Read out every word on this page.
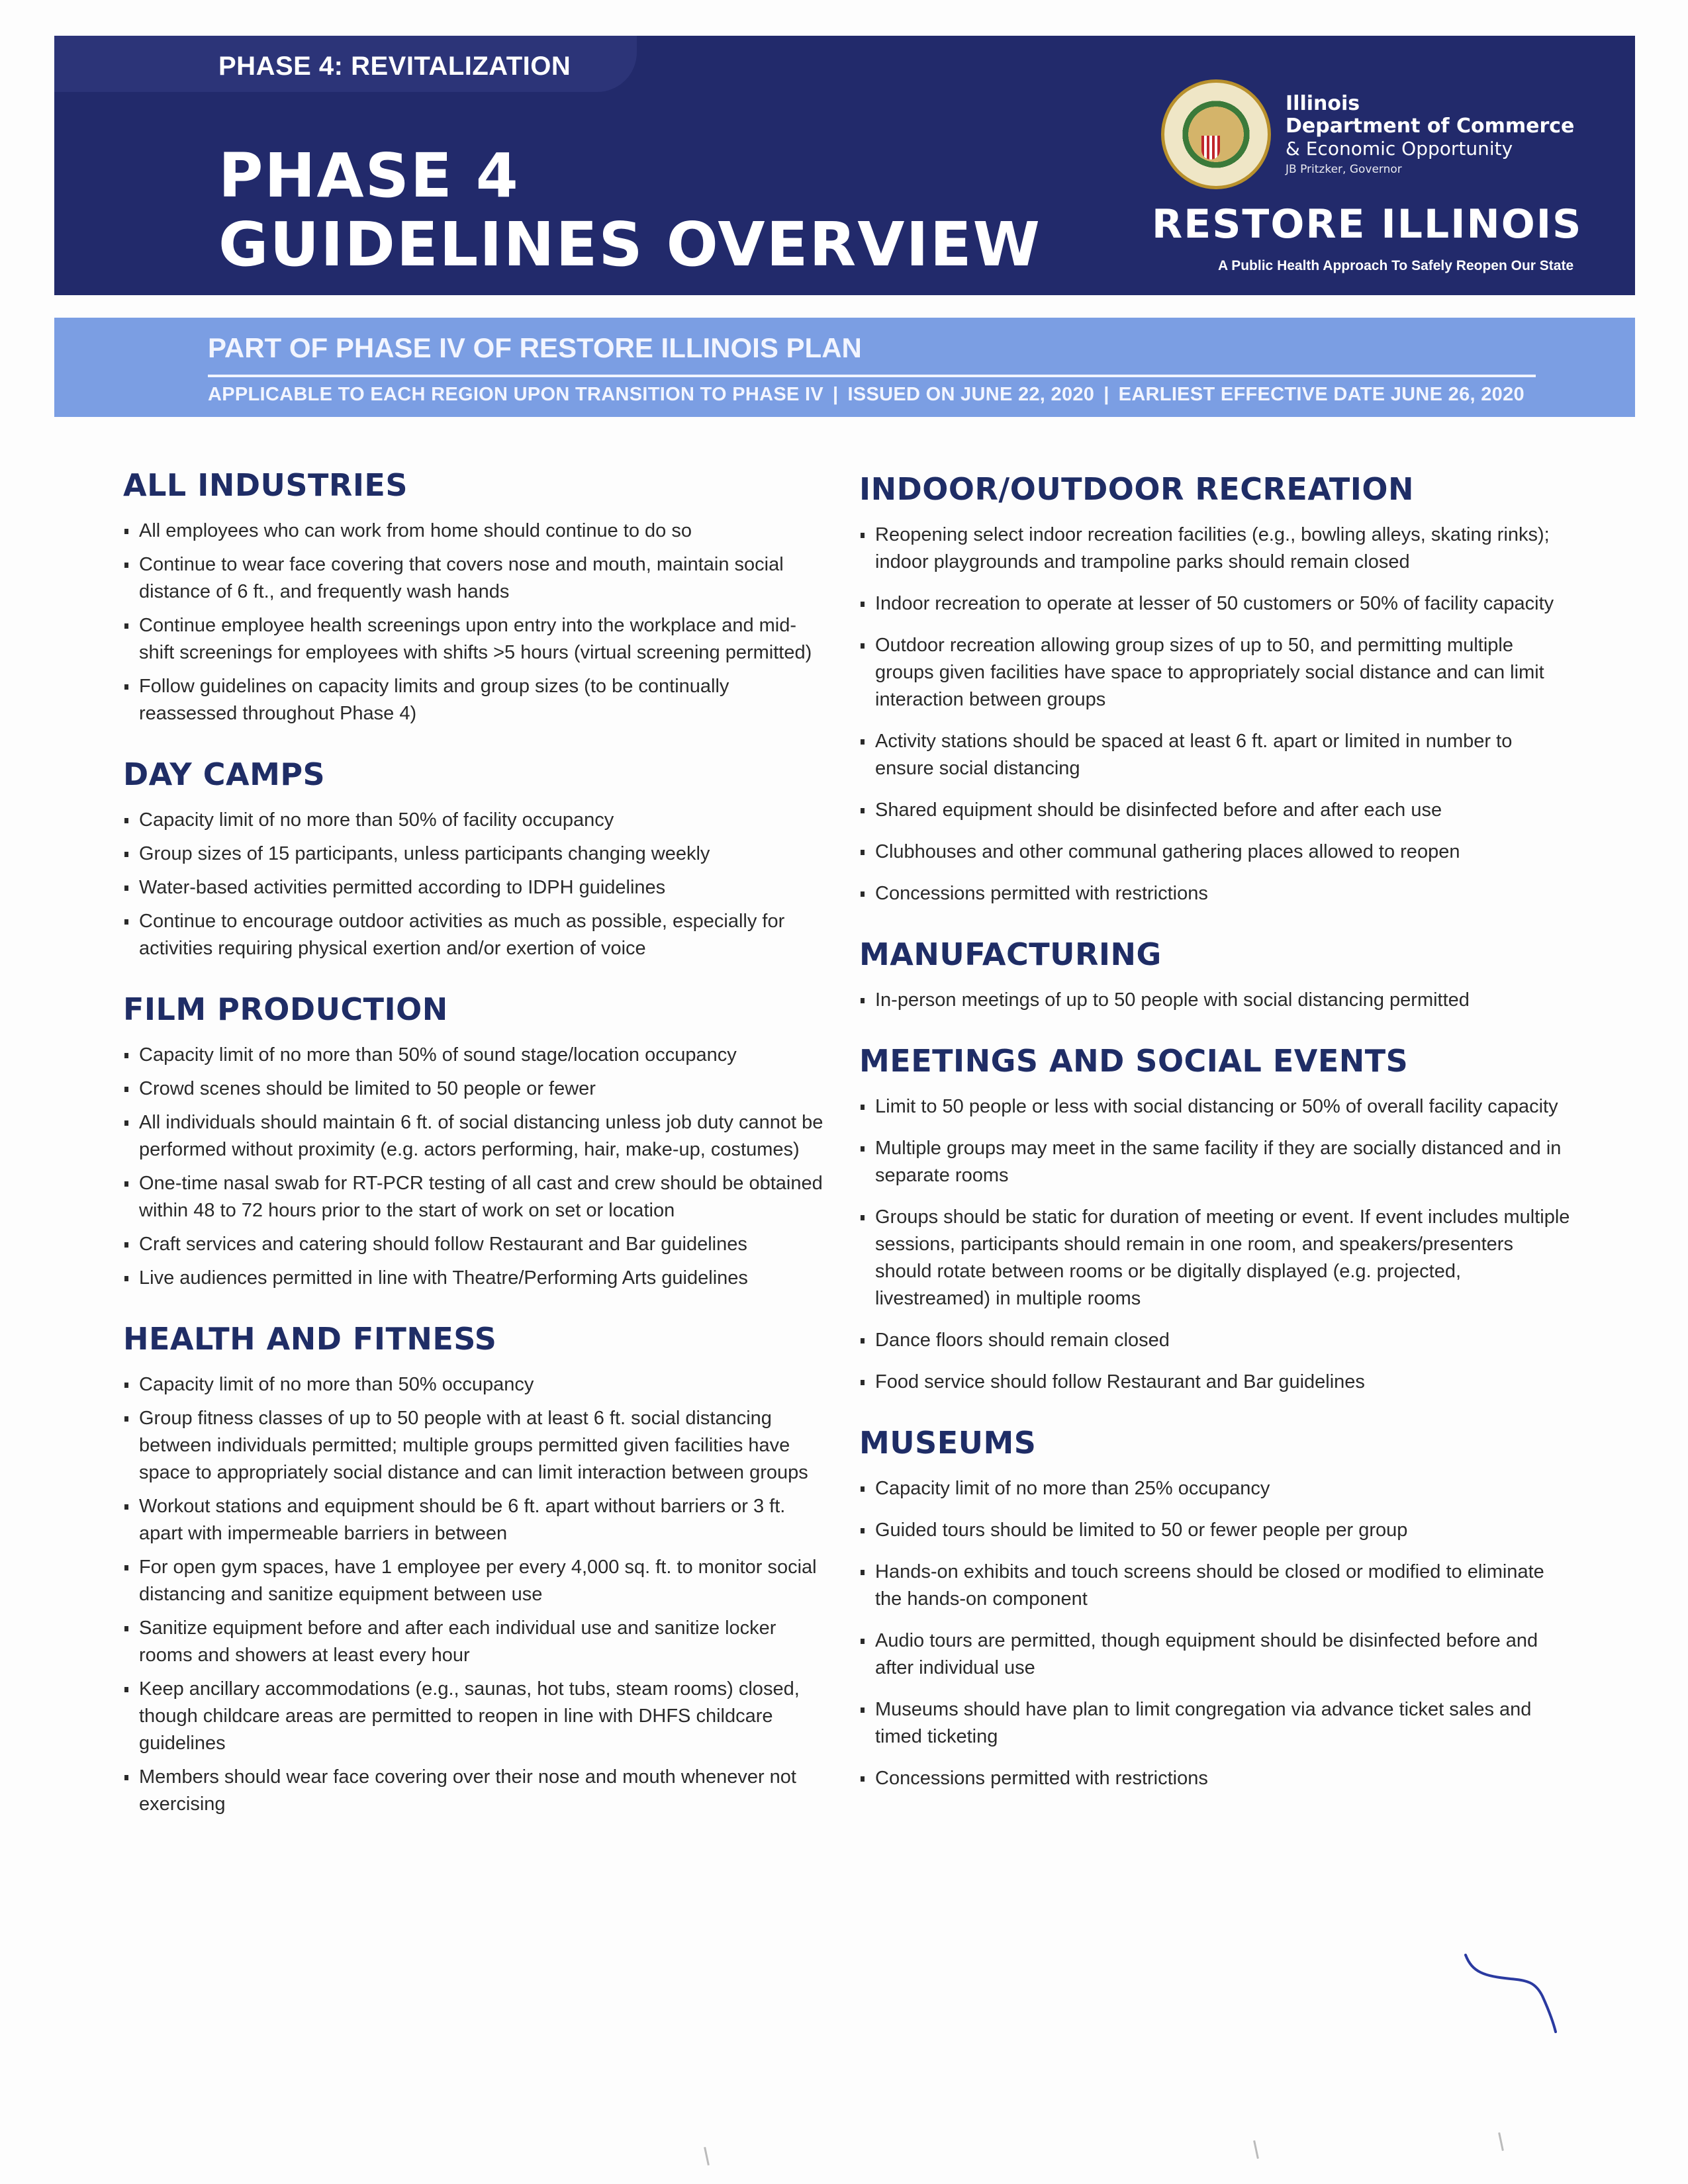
PHASE 4: REVITALIZATION
PHASE 4
GUIDELINES OVERVIEW
Illinois
Department of Commerce
& Economic Opportunity
JB Pritzker, Governor
RESTORE ILLINOIS
A Public Health Approach To Safely Reopen Our State
PART OF PHASE IV OF RESTORE ILLINOIS PLAN
APPLICABLE TO EACH REGION UPON TRANSITION TO PHASE IV | ISSUED ON JUNE 22, 2020 | EARLIEST EFFECTIVE DATE JUNE 26, 2020
ALL INDUSTRIES
All employees who can work from home should continue to do so
Continue to wear face covering that covers nose and mouth, maintain social distance of 6 ft., and frequently wash hands
Continue employee health screenings upon entry into the workplace and mid-shift screenings for employees with shifts >5 hours (virtual screening permitted)
Follow guidelines on capacity limits and group sizes (to be continually reassessed throughout Phase 4)
DAY CAMPS
Capacity limit of no more than 50% of facility occupancy
Group sizes of 15 participants, unless participants changing weekly
Water-based activities permitted according to IDPH guidelines
Continue to encourage outdoor activities as much as possible, especially for activities requiring physical exertion and/or exertion of voice
FILM PRODUCTION
Capacity limit of no more than 50% of sound stage/location occupancy
Crowd scenes should be limited to 50 people or fewer
All individuals should maintain 6 ft. of social distancing unless job duty cannot be performed without proximity (e.g. actors performing, hair, make-up, costumes)
One-time nasal swab for RT-PCR testing of all cast and crew should be obtained within 48 to 72 hours prior to the start of work on set or location
Craft services and catering should follow Restaurant and Bar guidelines
Live audiences permitted in line with Theatre/Performing Arts guidelines
HEALTH AND FITNESS
Capacity limit of no more than 50% occupancy
Group fitness classes of up to 50 people with at least 6 ft. social distancing between individuals permitted; multiple groups permitted given facilities have space to appropriately social distance and can limit interaction between groups
Workout stations and equipment should be 6 ft. apart without barriers or 3 ft. apart with impermeable barriers in between
For open gym spaces, have 1 employee per every 4,000 sq. ft. to monitor social distancing and sanitize equipment between use
Sanitize equipment before and after each individual use and sanitize locker rooms and showers at least every hour
Keep ancillary accommodations (e.g., saunas, hot tubs, steam rooms) closed, though childcare areas are permitted to reopen in line with DHFS childcare guidelines
Members should wear face covering over their nose and mouth whenever not exercising
INDOOR/OUTDOOR RECREATION
Reopening select indoor recreation facilities (e.g., bowling alleys, skating rinks); indoor playgrounds and trampoline parks should remain closed
Indoor recreation to operate at lesser of 50 customers or 50% of facility capacity
Outdoor recreation allowing group sizes of up to 50, and permitting multiple groups given facilities have space to appropriately social distance and can limit interaction between groups
Activity stations should be spaced at least 6 ft. apart or limited in number to ensure social distancing
Shared equipment should be disinfected before and after each use
Clubhouses and other communal gathering places allowed to reopen
Concessions permitted with restrictions
MANUFACTURING
In-person meetings of up to 50 people with social distancing permitted
MEETINGS AND SOCIAL EVENTS
Limit to 50 people or less with social distancing or 50% of overall facility capacity
Multiple groups may meet in the same facility if they are socially distanced and in separate rooms
Groups should be static for duration of meeting or event. If event includes multiple sessions, participants should remain in one room, and speakers/presenters should rotate between rooms or be digitally displayed (e.g. projected, livestreamed) in multiple rooms
Dance floors should remain closed
Food service should follow Restaurant and Bar guidelines
MUSEUMS
Capacity limit of no more than 25% occupancy
Guided tours should be limited to 50 or fewer people per group
Hands-on exhibits and touch screens should be closed or modified to eliminate the hands-on component
Audio tours are permitted, though equipment should be disinfected before and after individual use
Museums should have plan to limit congregation via advance ticket sales and timed ticketing
Concessions permitted with restrictions
